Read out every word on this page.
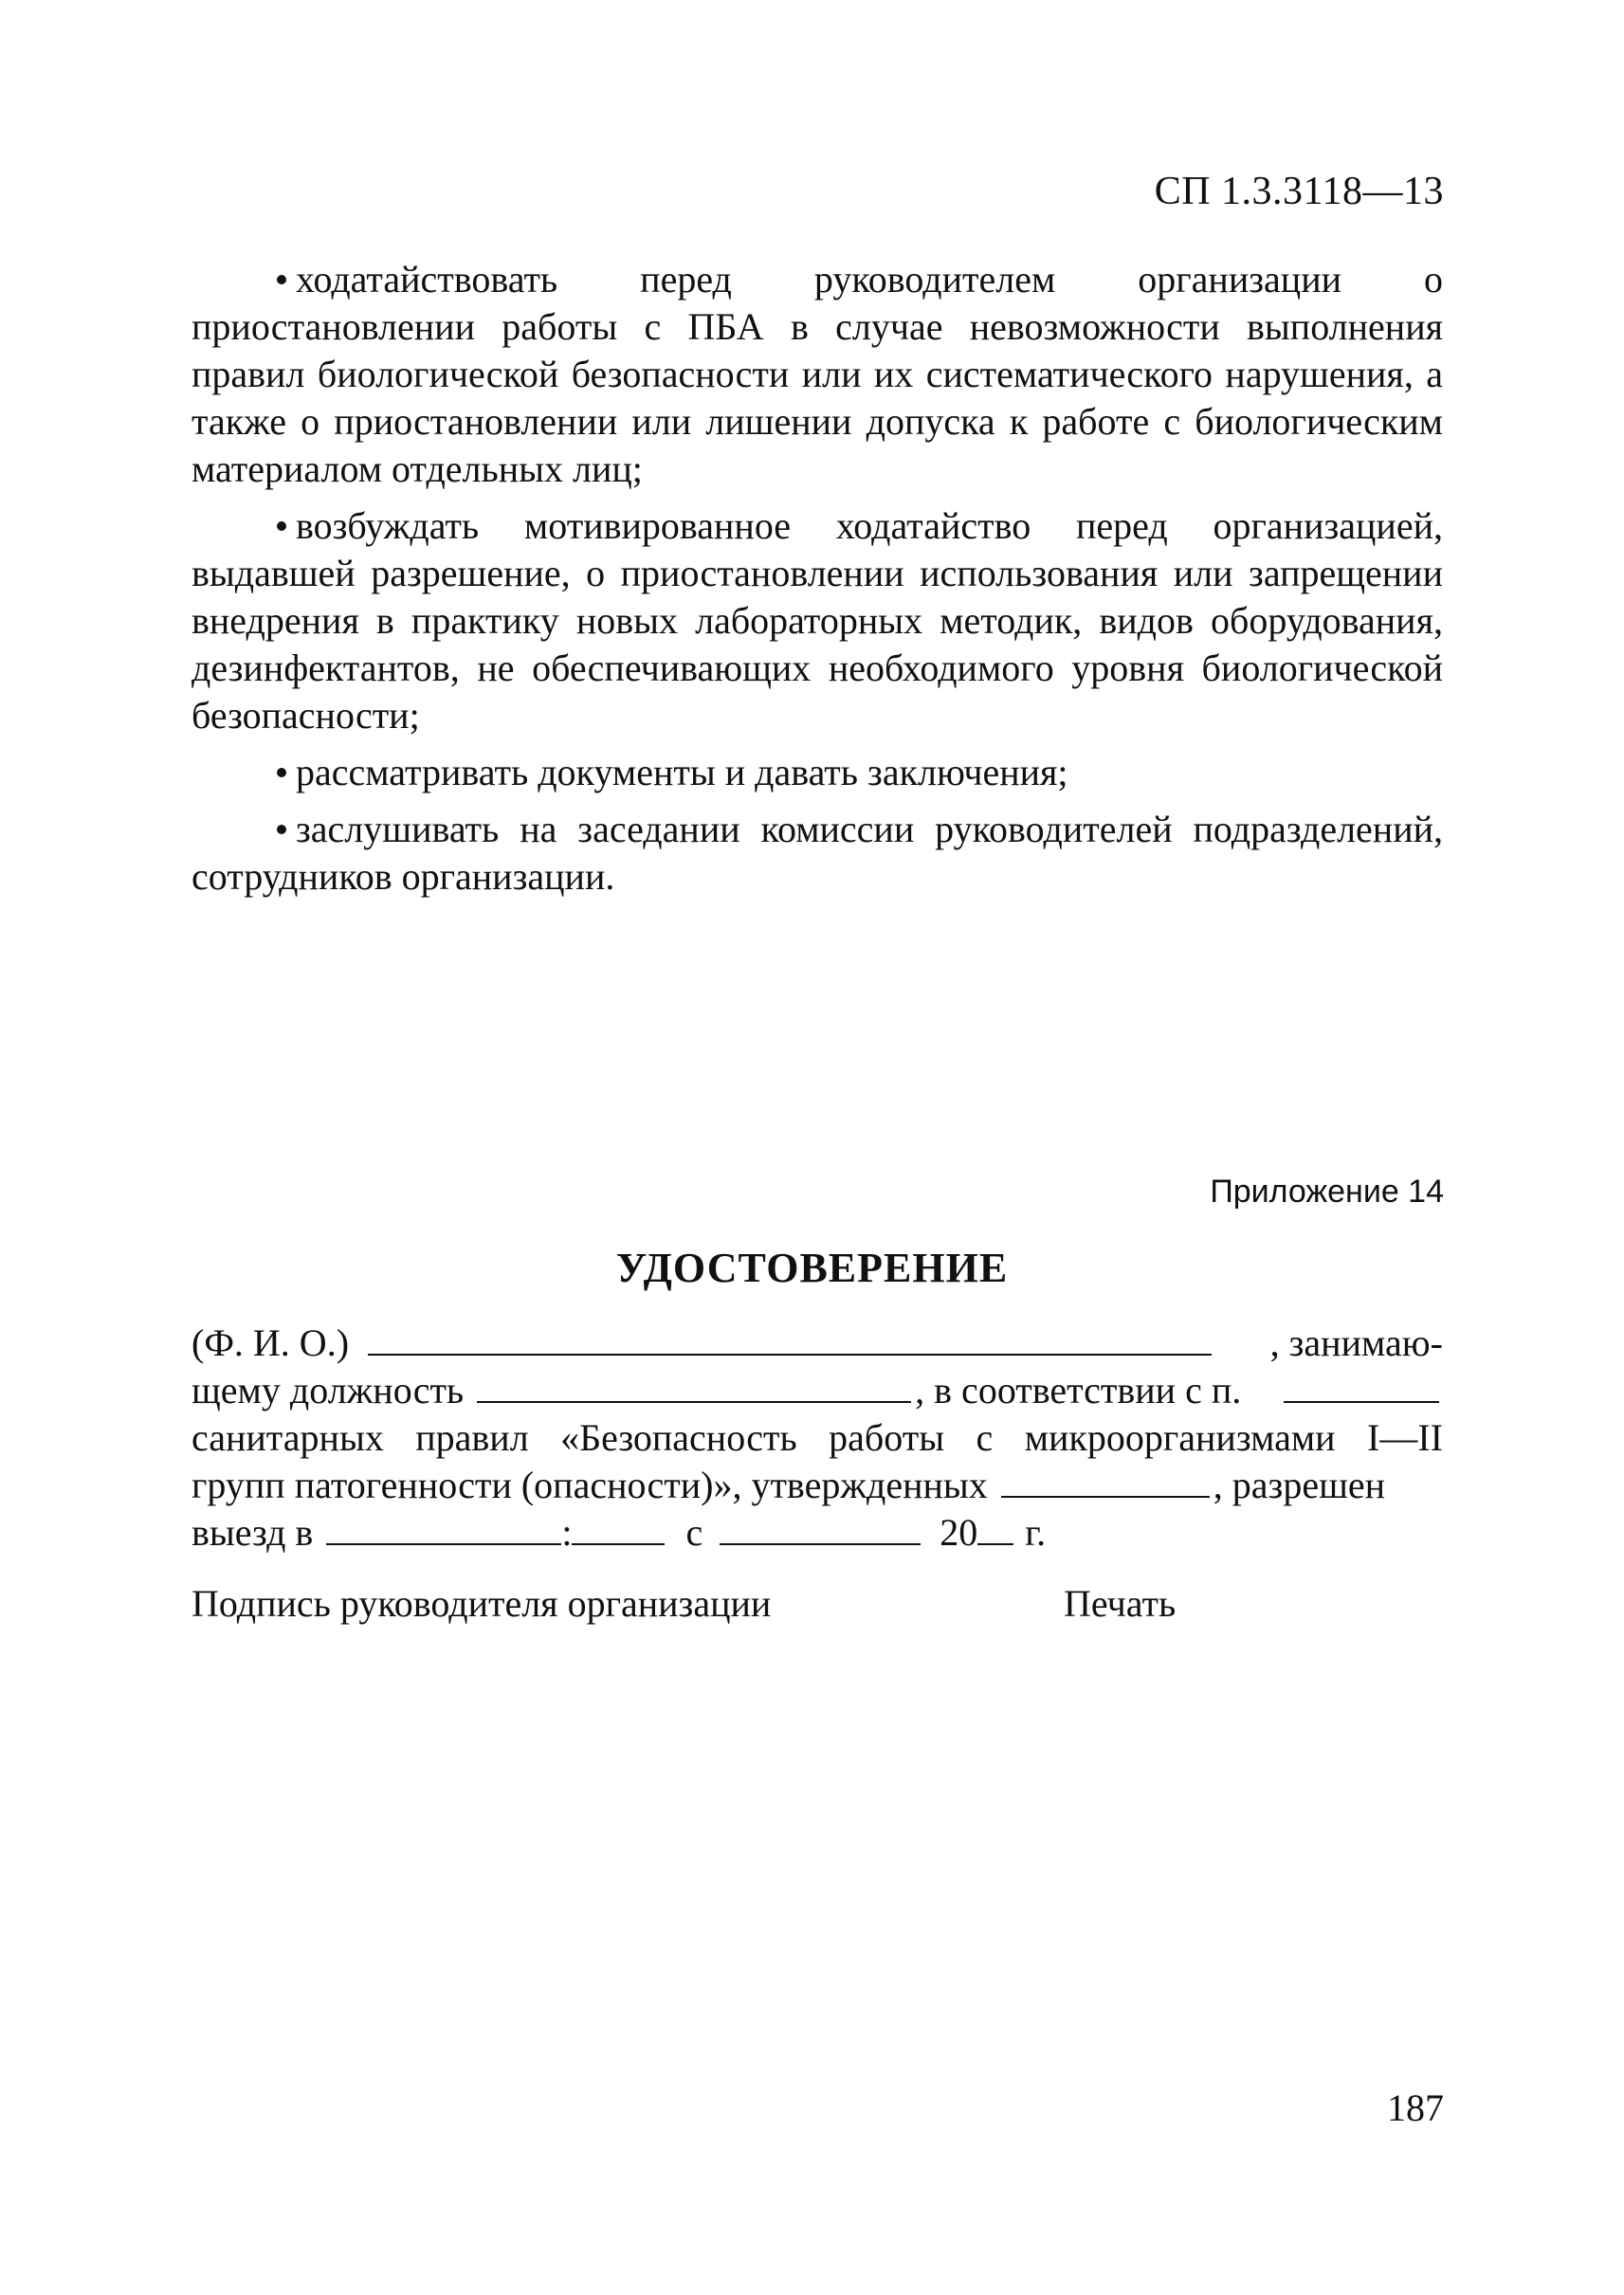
СП 1.3.3118—13

ходатайствовать перед руководителем организации о приостановлении работы с ПБА в случае невозможности выполнения правил биологической безопасности или их систематического нарушения, а также о приостановлении или лишении допуска к работе с биологическим материалом отдельных лиц;

возбуждать мотивированное ходатайство перед организацией, выдавшей разрешение, о приостановлении использования или запрещении внедрения в практику новых лабораторных методик, видов оборудования, дезинфектантов, не обеспечивающих необходимого уровня биологической безопасности;

рассматривать документы и давать заключения;

заслушивать на заседании комиссии руководителей подразделений, сотрудников организации.

Приложение 14
УДОСТОВЕРЕНИЕ
(Ф. И. О.)	, занимаю-
щему должность	, в соответствии с п.
санитарных правил «Безопасность работы с микроорганизмами I—II
групп патогенности (опасности)», утвержденных	, разрешен
выезд в	:	с	20 г.
Подпись руководителя организации	Печать
187
